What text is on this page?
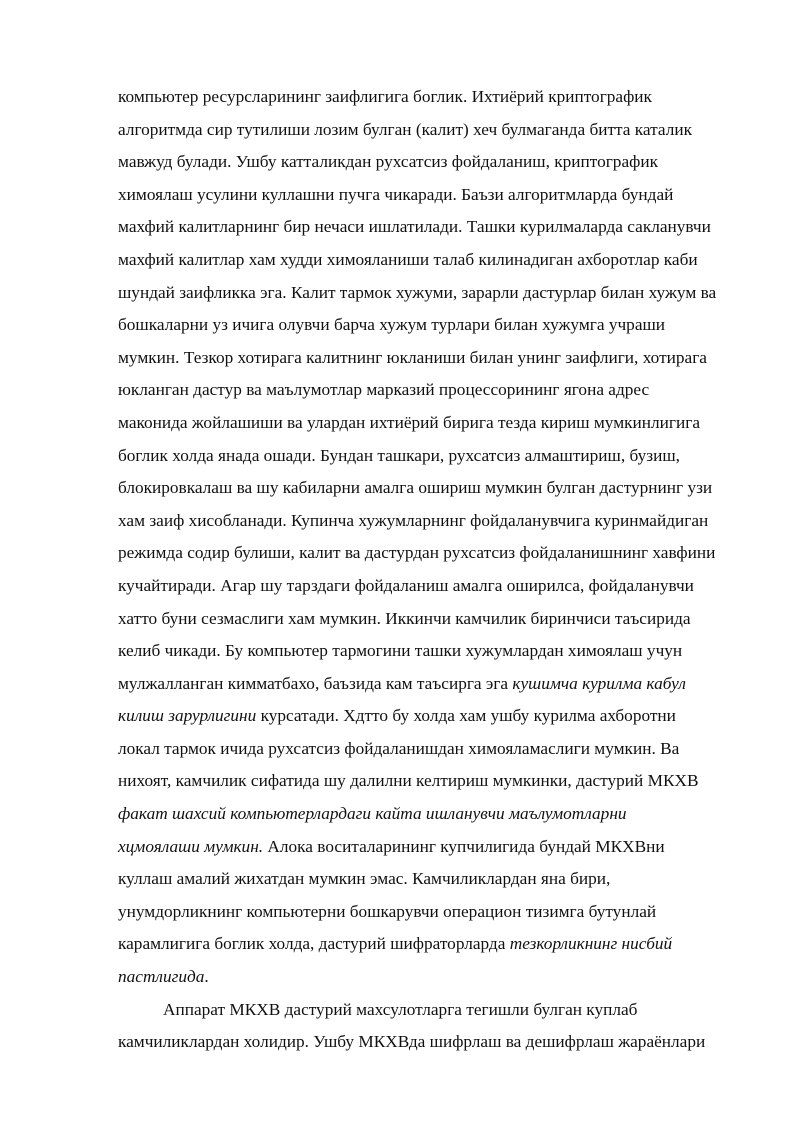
компьютер ресурсларининг заифлигига боглик. Ихтиёрий криптографик
алгоритмда сир тутилиши лозим булган (калит) хеч булмаганда битта каталик
мавжуд булади. Ушбу катталикдан рухсатсиз фойдаланиш, криптографик
химоялаш усулини куллашни пучга чикаради. Баъзи алгоритмларда бундай
махфий калитларнинг бир нечаси ишлатилади. Ташки курилмаларда сакланувчи
махфий калитлар хам худди химояланиши талаб килинадиган ахборотлар каби
шундай заифликка эга. Калит тармок хужуми, зарарли дастурлар билан хужум ва
бошкаларни уз ичига олувчи барча хужум турлари билан хужумга учраши
мумкин. Тезкор хотирага калитнинг юкланиши билан унинг заифлиги, хотирага
юкланган дастур ва маълумотлар марказий процессорининг ягона адрес
маконида жойлашиши ва улардан ихтиёрий бирига тезда кириш мумкинлигига
боглик холда янада ошади. Бундан ташкари, рухсатсиз алмаштириш, бузиш,
блокировкалаш ва шу кабиларни амалга ошириш мумкин булган дастурнинг узи
хам заиф хисобланади. Купинча хужумларнинг фойдаланувчига куринмайдиган
режимда содир булиши, калит ва дастурдан рухсатсиз фойдаланишнинг хавфини
кучайтиради. Агар шу тарздаги фойдаланиш амалга оширилса, фойдаланувчи
хатто буни сезмаслиги хам мумкин. Иккинчи камчилик биринчиси таъсирида
келиб чикади. Бу компьютер тармогини ташки хужумлардан химоялаш учун
мулжалланган кимматбахо, баъзида кам таъсирга эга кушимча курилма кабул
килиш зарурлигини курсатади. Хдтто бу холда хам ушбу курилма ахборотни
локал тармок ичида рухсатсиз фойдаланишдан химояламаслиги мумкин. Ва
нихоят, камчилик сифатида шу далилни келтириш мумкинки, дастурий МКХВ
факат шахсий компьютерлардаги кайта ишланувчи маълумотларни
хцмоялаши мумкин. Алока воситаларининг купчилигида бундай МКХВни
куллаш амалий жихатдан мумкин эмас. Камчиликлардан яна бири,
унумдорликнинг компьютерни бошкарувчи операцион тизимга бутунлай
карамлигига боглик холда, дастурий шифраторларда тезкорликнинг нисбий
пастлигида.
Аппарат МКХВ дастурий махсулотларга тегишли булган куплаб
камчиликлардан холидир. Ушбу МКХВда шифрлаш ва дешифрлаш жараёнлари
